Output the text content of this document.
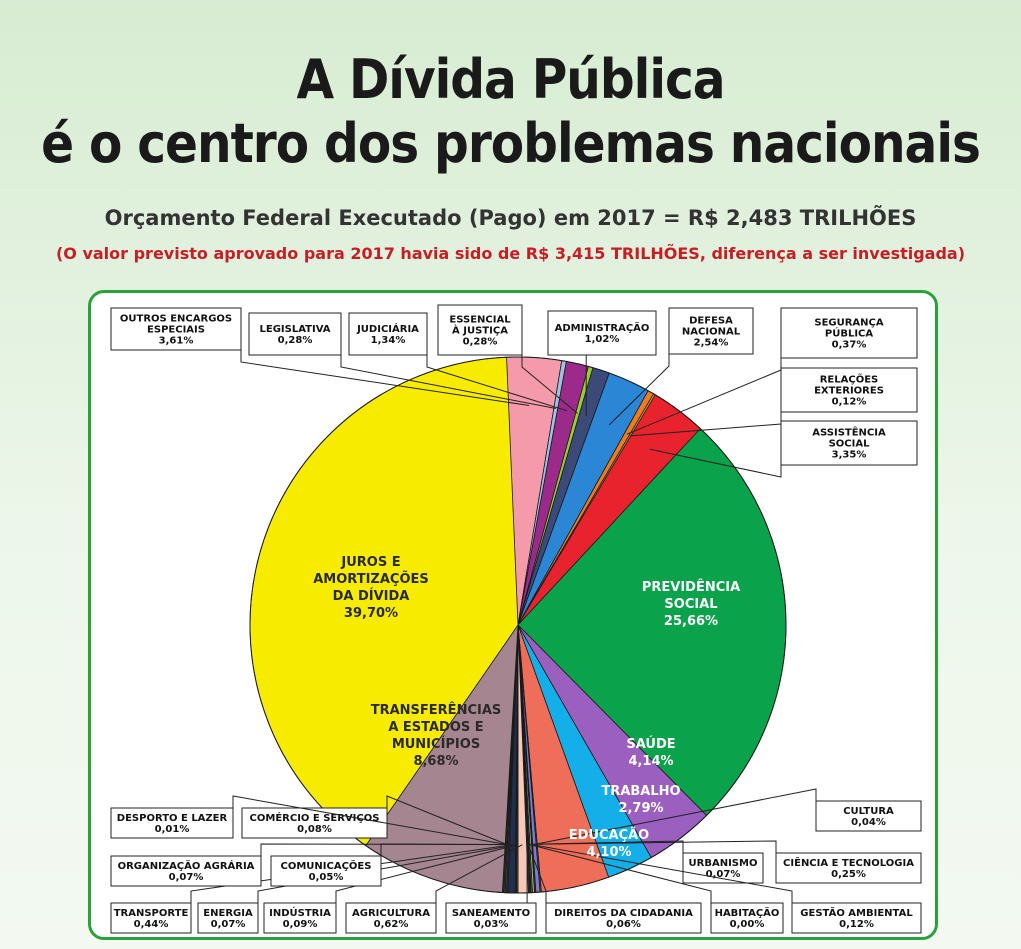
A Dívida Pública
é o centro dos problemas nacionais
Orçamento Federal Executado (Pago) em 2017 = R$ 2,483 TRILHÕES
(O valor previsto aprovado para 2017 havia sido de R$ 3,415 TRILHÕES, diferença a ser investigada)
OUTROS ENCARGOS
ESPECIAIS
3,61%
LEGISLATIVA
0,28%
JUDICIÁRIA
1,34%
ESSENCIAL
À JUSTIÇA
0,28%
ADMINISTRAÇÃO
1,02%
DEFESA
NACIONAL
2,54%
SEGURANÇA
PÚBLICA
0,37%
RELAÇÕES
EXTERIORES
0,12%
ASSISTÊNCIA
SOCIAL
3,35%
CULTURA
0,04%
CIÊNCIA E TECNOLOGIA
0,25%
URBANISMO
0,07%
GESTÃO AMBIENTAL
0,12%
HABITAÇÃO
0,00%
DIREITOS DA CIDADANIA
0,06%
SANEAMENTO
0,03%
AGRICULTURA
0,62%
INDÚSTRIA
0,09%
ENERGIA
0,07%
TRANSPORTE
0,44%
COMUNICAÇÕES
0,05%
ORGANIZAÇÃO AGRÁRIA
0,07%
COMÉRCIO E SERVIÇOS
0,08%
DESPORTO E LAZER
0,01%
PREVIDÊNCIA
SOCIAL
25,66%
SAÚDE
4,14%
TRABALHO
2,79%
EDUCAÇÃO
4,10%
TRANSFERÊNCIAS
A ESTADOS E
MUNICÍPIOS
8,68%
JUROS E
AMORTIZAÇÕES
DA DÍVIDA
39,70%
